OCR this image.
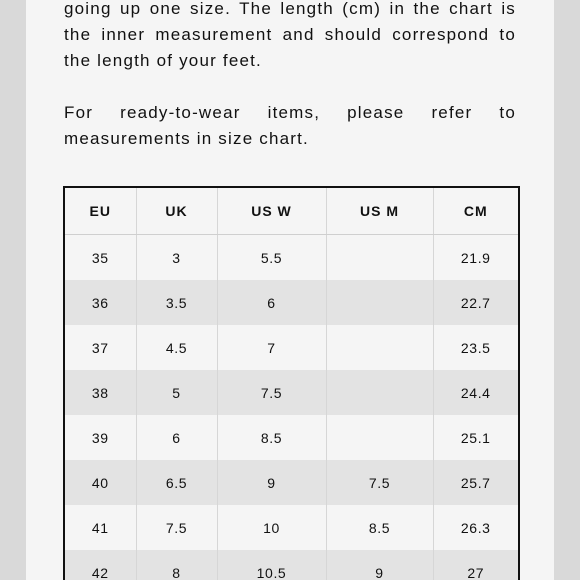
going up one size. The length (cm) in the chart is
the inner measurement and should correspond to
the length of your feet.

For ready-to-wear items, please refer to
measurements in size chart.

EU	UK	US W	US M	CM
35	3	5.5		21.9
36	3.5	6		22.7
37	4.5	7		23.5
38	5	7.5		24.4
39	6	8.5		25.1
40	6.5	9	7.5	25.7
41	7.5	10	8.5	26.3
42	8	10.5	9	27
